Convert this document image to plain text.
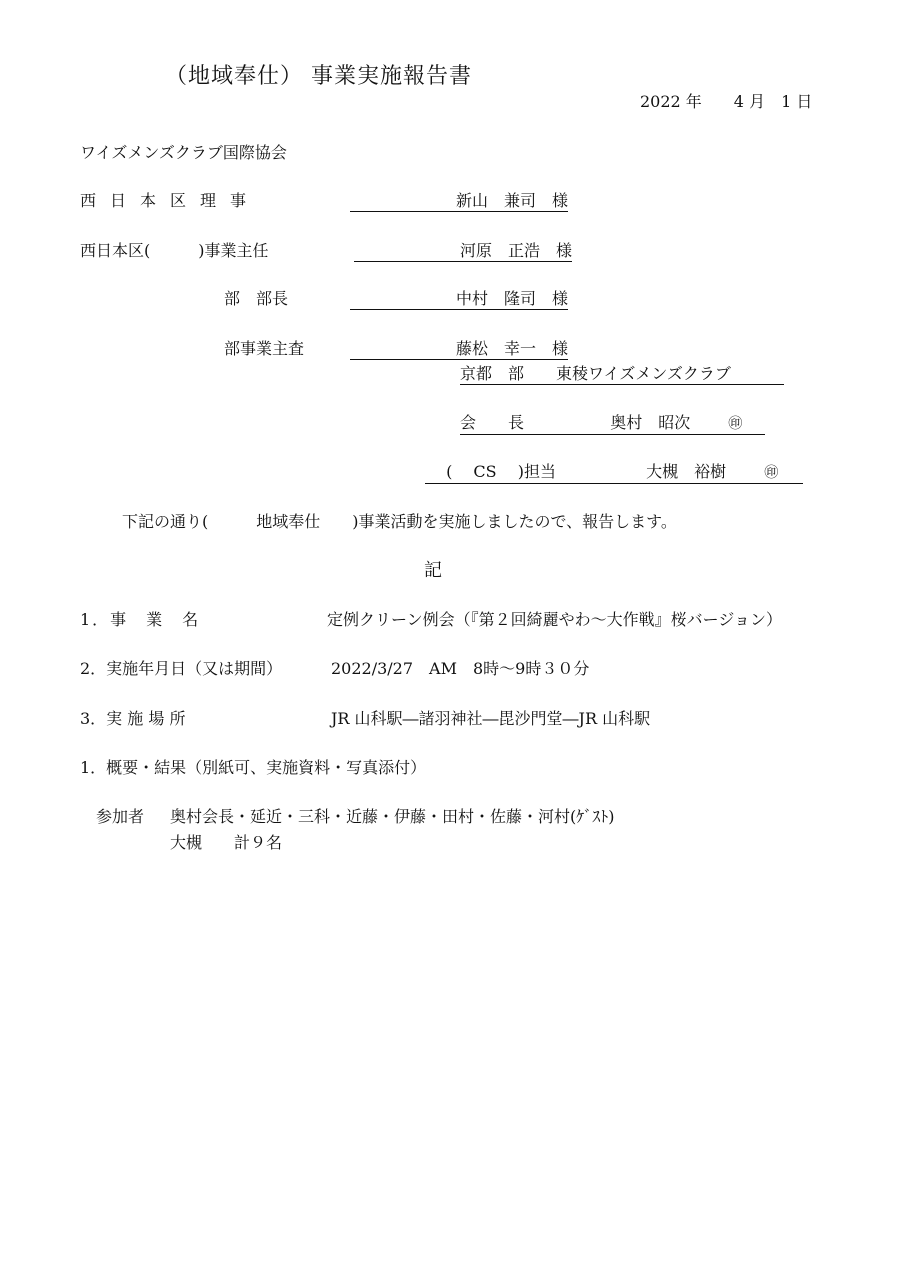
（地域奉仕） 事業実施報告書
2022 年　　4 月　1 日
ワイズメンズクラブ国際協会
西日本区理事	新山　兼司　様
西日本区(　　　)事業主任	河原　正浩　様
部　部長	中村　隆司　様
部事業主査	藤松　幸一　様
京都　部　　東稜ワイズメンズクラブ
会　　長	奥村　昭次	㊞
(　 CS　 )担当	大槻　裕樹	㊞
下記の通り(　　　地域奉仕　　)事業活動を実施しましたので、報告します。
記
1．事　業　名	定例クリーン例会（『第２回綺麗やわ～大作戦』桜バージョン）
2．実施年月日（又は期間）	2022/3/27　AM　8時～9時３０分
3．実 施 場 所	JR 山科駅―諸羽神社―毘沙門堂―JR 山科駅
1．概要・結果（別紙可、実施資料・写真添付）
参加者 奥村会長・延近・三科・近藤・伊藤・田村・佐藤・河村(ｹﾞｽﾄ)
大槻　　計９名
